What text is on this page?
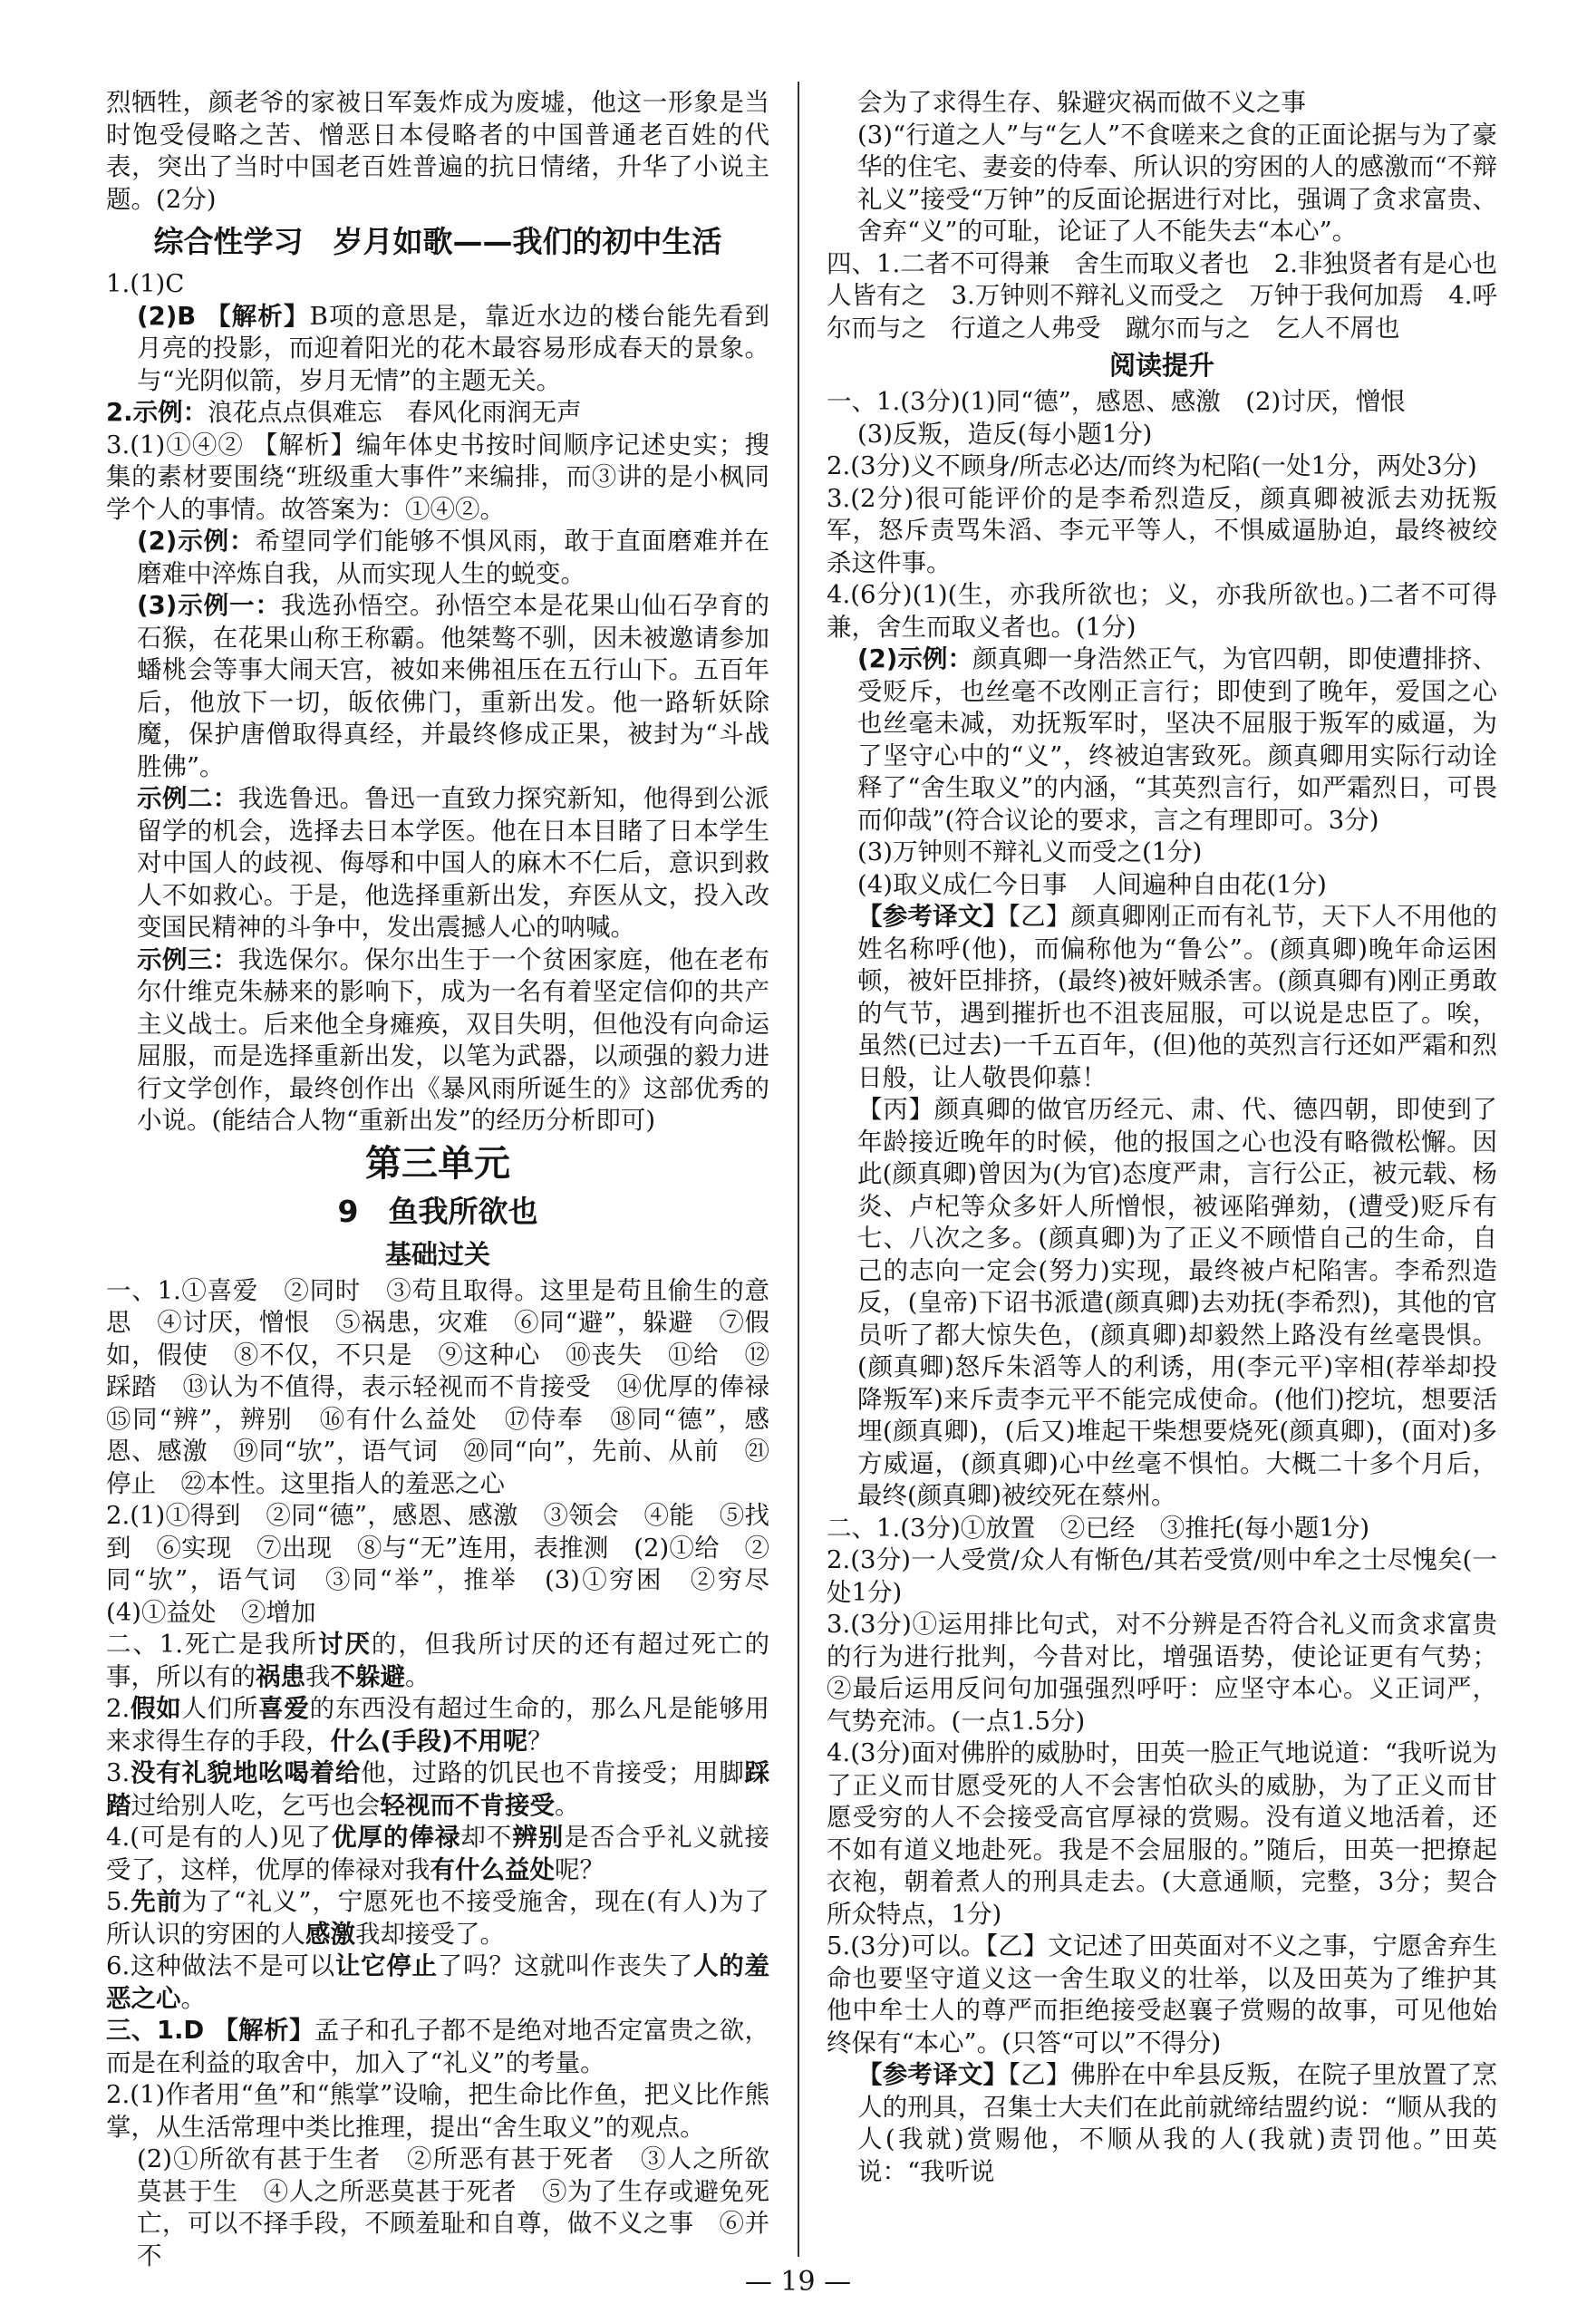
烈牺牲，颜老爷的家被日军轰炸成为废墟，他这一形象是当时饱受侵略之苦、憎恶日本侵略者的中国普通老百姓的代表，突出了当时中国老百姓普遍的抗日情绪，升华了小说主题。(2分)

综合性学习　岁月如歌——我们的初中生活

1.(1)C

(2)B 【解析】B项的意思是，靠近水边的楼台能先看到月亮的投影，而迎着阳光的花木最容易形成春天的景象。与“光阴似箭，岁月无情”的主题无关。

2.示例：浪花点点俱难忘　春风化雨润无声

3.(1)①④② 【解析】编年体史书按时间顺序记述史实；搜集的素材要围绕“班级重大事件”来编排，而③讲的是小枫同学个人的事情。故答案为：①④②。

(2)示例：希望同学们能够不惧风雨，敢于直面磨难并在磨难中淬炼自我，从而实现人生的蜕变。

(3)示例一：我选孙悟空。孙悟空本是花果山仙石孕育的石猴，在花果山称王称霸。他桀骜不驯，因未被邀请参加蟠桃会等事大闹天宫，被如来佛祖压在五行山下。五百年后，他放下一切，皈依佛门，重新出发。他一路斩妖除魔，保护唐僧取得真经，并最终修成正果，被封为“斗战胜佛”。

示例二：我选鲁迅。鲁迅一直致力探究新知，他得到公派留学的机会，选择去日本学医。他在日本目睹了日本学生对中国人的歧视、侮辱和中国人的麻木不仁后，意识到救人不如救心。于是，他选择重新出发，弃医从文，投入改变国民精神的斗争中，发出震撼人心的呐喊。

示例三：我选保尔。保尔出生于一个贫困家庭，他在老布尔什维克朱赫来的影响下，成为一名有着坚定信仰的共产主义战士。后来他全身瘫痪，双目失明，但他没有向命运屈服，而是选择重新出发，以笔为武器，以顽强的毅力进行文学创作，最终创作出《暴风雨所诞生的》这部优秀的小说。(能结合人物“重新出发”的经历分析即可)

第三单元
9　鱼我所欲也
基础过关

一、1.①喜爱　②同时　③苟且取得。这里是苟且偷生的意思　④讨厌，憎恨　⑤祸患，灾难　⑥同“避”，躲避　⑦假如，假使　⑧不仅，不只是　⑨这种心　⑩丧失　⑪给　⑫踩踏　⑬认为不值得，表示轻视而不肯接受　⑭优厚的俸禄　⑮同“辨”，辨别　⑯有什么益处　⑰侍奉　⑱同“德”，感恩、感激　⑲同“欤”，语气词　⑳同“向”，先前、从前　㉑停止　㉒本性。这里指人的羞恶之心

2.(1)①得到　②同“德”，感恩、感激　③领会　④能　⑤找到　⑥实现　⑦出现　⑧与“无”连用，表推测　(2)①给　②同“欤”，语气词　③同“举”，推举　(3)①穷困　②穷尽　(4)①益处　②增加

二、1.死亡是我所讨厌的，但我所讨厌的还有超过死亡的事，所以有的祸患我不躲避。

2.假如人们所喜爱的东西没有超过生命的，那么凡是能够用来求得生存的手段，什么(手段)不用呢？

3.没有礼貌地吆喝着给他，过路的饥民也不肯接受；用脚踩踏过给别人吃，乞丐也会轻视而不肯接受。

4.(可是有的人)见了优厚的俸禄却不辨别是否合乎礼义就接受了，这样，优厚的俸禄对我有什么益处呢？

5.先前为了“礼义”，宁愿死也不接受施舍，现在(有人)为了所认识的穷困的人感激我却接受了。

6.这种做法不是可以让它停止了吗？这就叫作丧失了人的羞恶之心。

三、1.D 【解析】孟子和孔子都不是绝对地否定富贵之欲，而是在利益的取舍中，加入了“礼义”的考量。

2.(1)作者用“鱼”和“熊掌”设喻，把生命比作鱼，把义比作熊掌，从生活常理中类比推理，提出“舍生取义”的观点。

(2)①所欲有甚于生者　②所恶有甚于死者　③人之所欲莫甚于生　④人之所恶莫甚于死者　⑤为了生存或避免死亡，可以不择手段，不顾羞耻和自尊，做不义之事　⑥并不

会为了求得生存、躲避灾祸而做不义之事

(3)“行道之人”与“乞人”不食嗟来之食的正面论据与为了豪华的住宅、妻妾的侍奉、所认识的穷困的人的感激而“不辩礼义”接受“万钟”的反面论据进行对比，强调了贪求富贵、舍弃“义”的可耻，论证了人不能失去“本心”。

四、1.二者不可得兼　舍生而取义者也　2.非独贤者有是心也　人皆有之　3.万钟则不辩礼义而受之　万钟于我何加焉　4.呼尔而与之　行道之人弗受　蹴尔而与之　乞人不屑也

阅读提升

一、1.(3分)(1)同“德”，感恩、感激　(2)讨厌，憎恨

(3)反叛，造反(每小题1分)

2.(3分)义不顾身/所志必达/而终为杞陷(一处1分，两处3分)

3.(2分)很可能评价的是李希烈造反，颜真卿被派去劝抚叛军，怒斥责骂朱滔、李元平等人，不惧威逼胁迫，最终被绞杀这件事。

4.(6分)(1)(生，亦我所欲也；义，亦我所欲也。)二者不可得兼，舍生而取义者也。(1分)

(2)示例：颜真卿一身浩然正气，为官四朝，即使遭排挤、受贬斥，也丝毫不改刚正言行；即使到了晚年，爱国之心也丝毫未减，劝抚叛军时，坚决不屈服于叛军的威逼，为了坚守心中的“义”，终被迫害致死。颜真卿用实际行动诠释了“舍生取义”的内涵，“其英烈言行，如严霜烈日，可畏而仰哉”(符合议论的要求，言之有理即可。3分)

(3)万钟则不辩礼义而受之(1分)

(4)取义成仁今日事　人间遍种自由花(1分)

【参考译文】【乙】颜真卿刚正而有礼节，天下人不用他的姓名称呼(他)，而偏称他为“鲁公”。(颜真卿)晚年命运困顿，被奸臣排挤，(最终)被奸贼杀害。(颜真卿有)刚正勇敢的气节，遇到摧折也不沮丧屈服，可以说是忠臣了。唉，虽然(已过去)一千五百年，(但)他的英烈言行还如严霜和烈日般，让人敬畏仰慕！

【丙】颜真卿的做官历经元、肃、代、德四朝，即使到了年龄接近晚年的时候，他的报国之心也没有略微松懈。因此(颜真卿)曾因为(为官)态度严肃，言行公正，被元载、杨炎、卢杞等众多奸人所憎恨，被诬陷弹劾，(遭受)贬斥有七、八次之多。(颜真卿)为了正义不顾惜自己的生命，自己的志向一定会(努力)实现，最终被卢杞陷害。李希烈造反，(皇帝)下诏书派遣(颜真卿)去劝抚(李希烈)，其他的官员听了都大惊失色，(颜真卿)却毅然上路没有丝毫畏惧。(颜真卿)怒斥朱滔等人的利诱，用(李元平)宰相(荐举却投降叛军)来斥责李元平不能完成使命。(他们)挖坑，想要活埋(颜真卿)，(后又)堆起干柴想要烧死(颜真卿)，(面对)多方威逼，(颜真卿)心中丝毫不惧怕。大概二十多个月后，最终(颜真卿)被绞死在蔡州。

二、1.(3分)①放置　②已经　③推托(每小题1分)

2.(3分)一人受赏/众人有惭色/其若受赏/则中牟之士尽愧矣(一处1分)

3.(3分)①运用排比句式，对不分辨是否符合礼义而贪求富贵的行为进行批判，今昔对比，增强语势，使论证更有气势；②最后运用反问句加强强烈呼吁：应坚守本心。义正词严，气势充沛。(一点1.5分)

4.(3分)面对佛肸的威胁时，田英一脸正气地说道：“我听说为了正义而甘愿受死的人不会害怕砍头的威胁，为了正义而甘愿受穷的人不会接受高官厚禄的赏赐。没有道义地活着，还不如有道义地赴死。我是不会屈服的。”随后，田英一把撩起衣袍，朝着煮人的刑具走去。(大意通顺，完整，3分；契合所众特点，1分)

5.(3分)可以。【乙】文记述了田英面对不义之事，宁愿舍弃生命也要坚守道义这一舍生取义的壮举，以及田英为了维护其他中牟士人的尊严而拒绝接受赵襄子赏赐的故事，可见他始终保有“本心”。(只答“可以”不得分)

【参考译文】【乙】佛肸在中牟县反叛，在院子里放置了烹人的刑具，召集士大夫们在此前就缔结盟约说：“顺从我的人(我就)赏赐他，不顺从我的人(我就)责罚他。”田英说：“我听说

— 19 —
